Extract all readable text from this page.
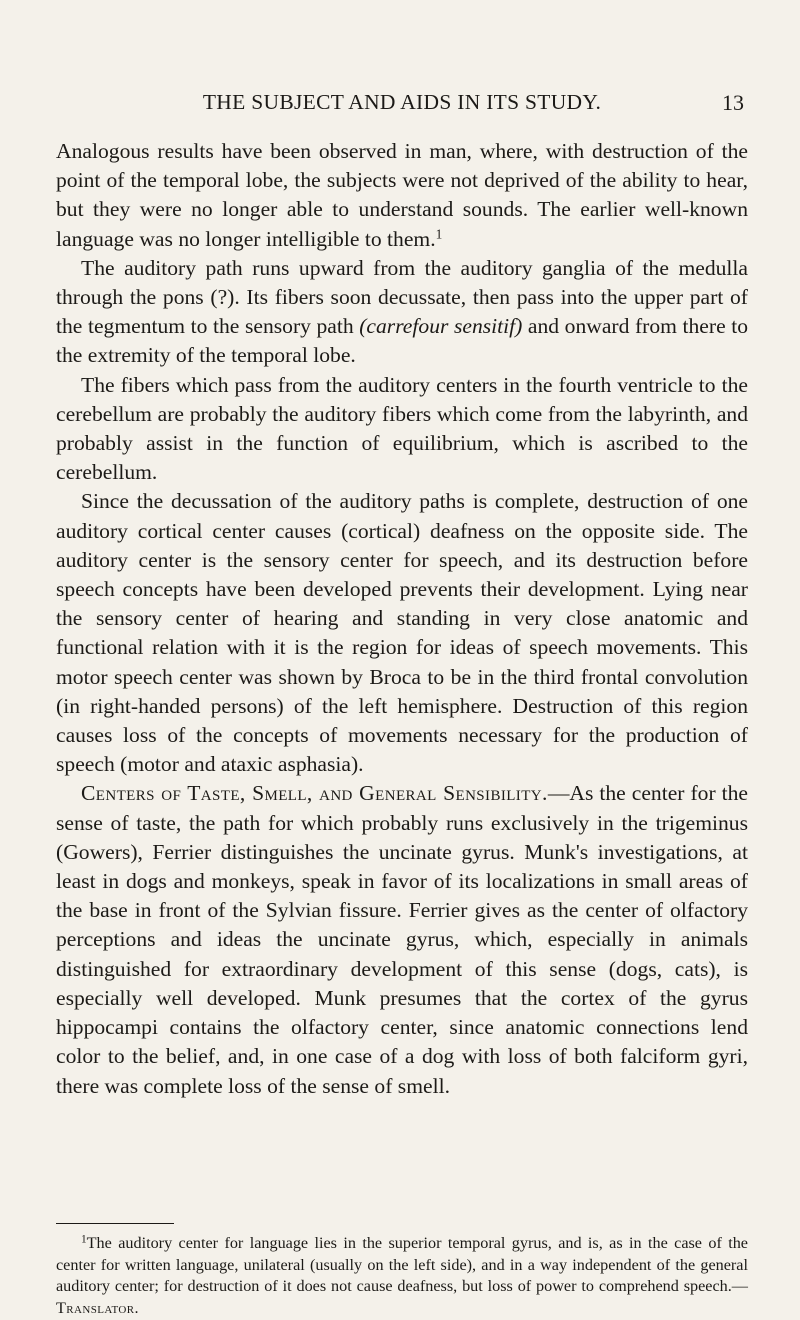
THE SUBJECT AND AIDS IN ITS STUDY.	13

Analogous results have been observed in man, where, with destruction of the point of the temporal lobe, the subjects were not deprived of the ability to hear, but they were no longer able to understand sounds. The earlier well-known language was no longer intelligible to them.$^1$

The auditory path runs upward from the auditory ganglia of the medulla through the pons (?). Its fibers soon decussate, then pass into the upper part of the tegmentum to the sensory path (carrefour sensitif) and onward from there to the extremity of the temporal lobe.

The fibers which pass from the auditory centers in the fourth ventricle to the cerebellum are probably the auditory fibers which come from the labyrinth, and probably assist in the function of equilibrium, which is ascribed to the cerebellum.

Since the decussation of the auditory paths is complete, destruction of one auditory cortical center causes (cortical) deafness on the opposite side. The auditory center is the sensory center for speech, and its destruction before speech concepts have been developed prevents their development. Lying near the sensory center of hearing and standing in very close anatomic and functional relation with it is the region for ideas of speech movements. This motor speech center was shown by Broca to be in the third frontal convolution (in right-handed persons) of the left hemisphere. Destruction of this region causes loss of the concepts of movements necessary for the production of speech (motor and ataxic asphasia).

Centers of Taste, Smell, and General Sensibility.—As the center for the sense of taste, the path for which probably runs exclusively in the trigeminus (Gowers), Ferrier distinguishes the uncinate gyrus. Munk's investigations, at least in dogs and monkeys, speak in favor of its localizations in small areas of the base in front of the Sylvian fissure. Ferrier gives as the center of olfactory perceptions and ideas the uncinate gyrus, which, especially in animals distinguished for extraordinary development of this sense (dogs, cats), is especially well developed. Munk presumes that the cortex of the gyrus hippocampi contains the olfactory center, since anatomic connections lend color to the belief, and, in one case of a dog with loss of both falciform gyri, there was complete loss of the sense of smell.

$^1$The auditory center for language lies in the superior temporal gyrus, and is, as in the case of the center for written language, unilateral (usually on the left side), and in a way independent of the general auditory center; for destruction of it does not cause deafness, but loss of power to comprehend speech.—Translator.
